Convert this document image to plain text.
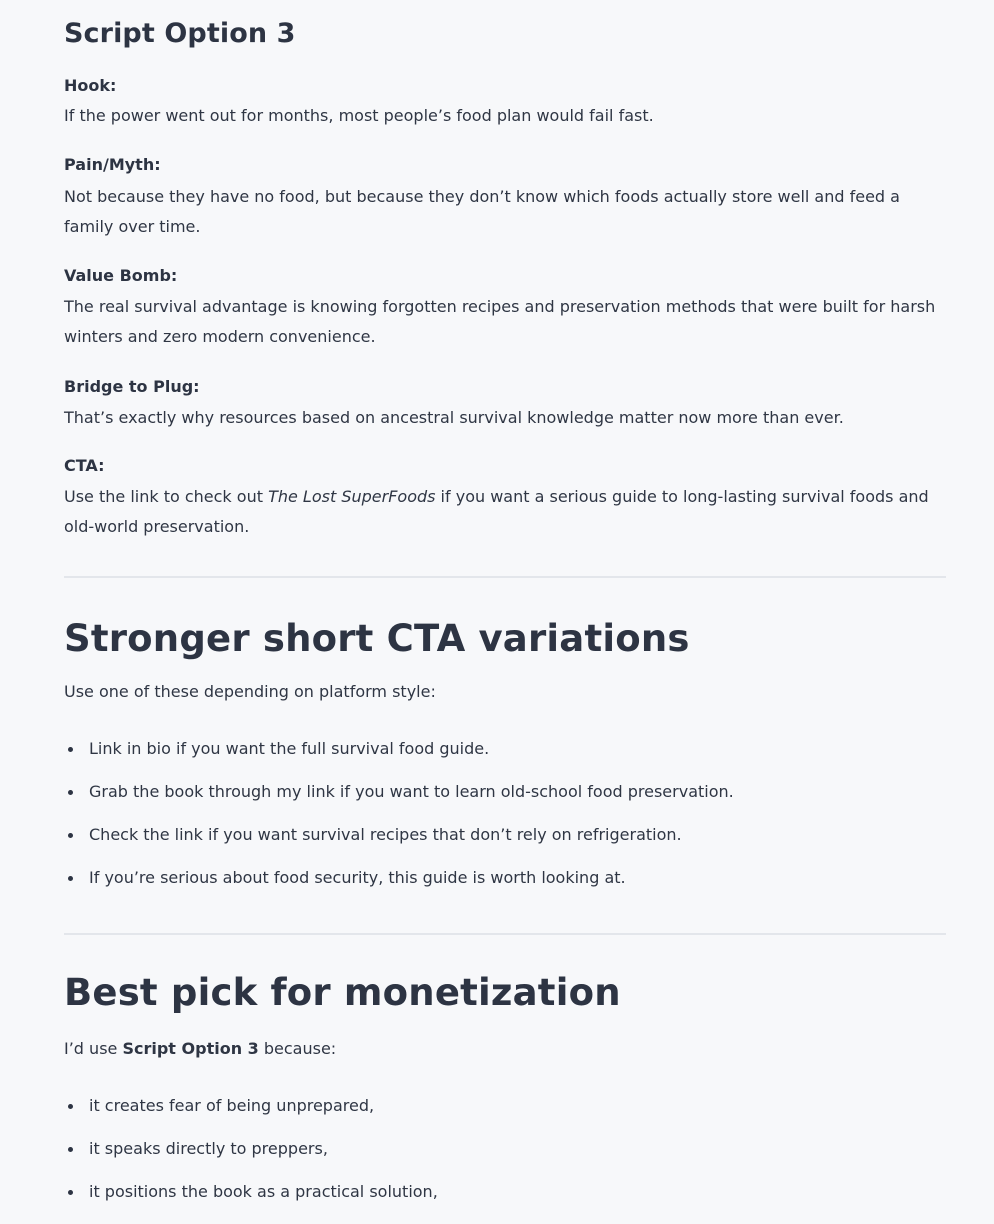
Script Option 3
Hook:
If the power went out for months, most people’s food plan would fail fast.
Pain/Myth:
Not because they have no food, but because they don’t know which foods actually store well and feed a family over time.
Value Bomb:
The real survival advantage is knowing forgotten recipes and preservation methods that were built for harsh winters and zero modern convenience.
Bridge to Plug:
That’s exactly why resources based on ancestral survival knowledge matter now more than ever.
CTA:
Use the link to check out The Lost SuperFoods if you want a serious guide to long-lasting survival foods and old-world preservation.
Stronger short CTA variations
Use one of these depending on platform style:
Link in bio if you want the full survival food guide.
Grab the book through my link if you want to learn old-school food preservation.
Check the link if you want survival recipes that don’t rely on refrigeration.
If you’re serious about food security, this guide is worth looking at.
Best pick for monetization
I’d use Script Option 3 because:
it creates fear of being unprepared,
it speaks directly to preppers,
it positions the book as a practical solution,
